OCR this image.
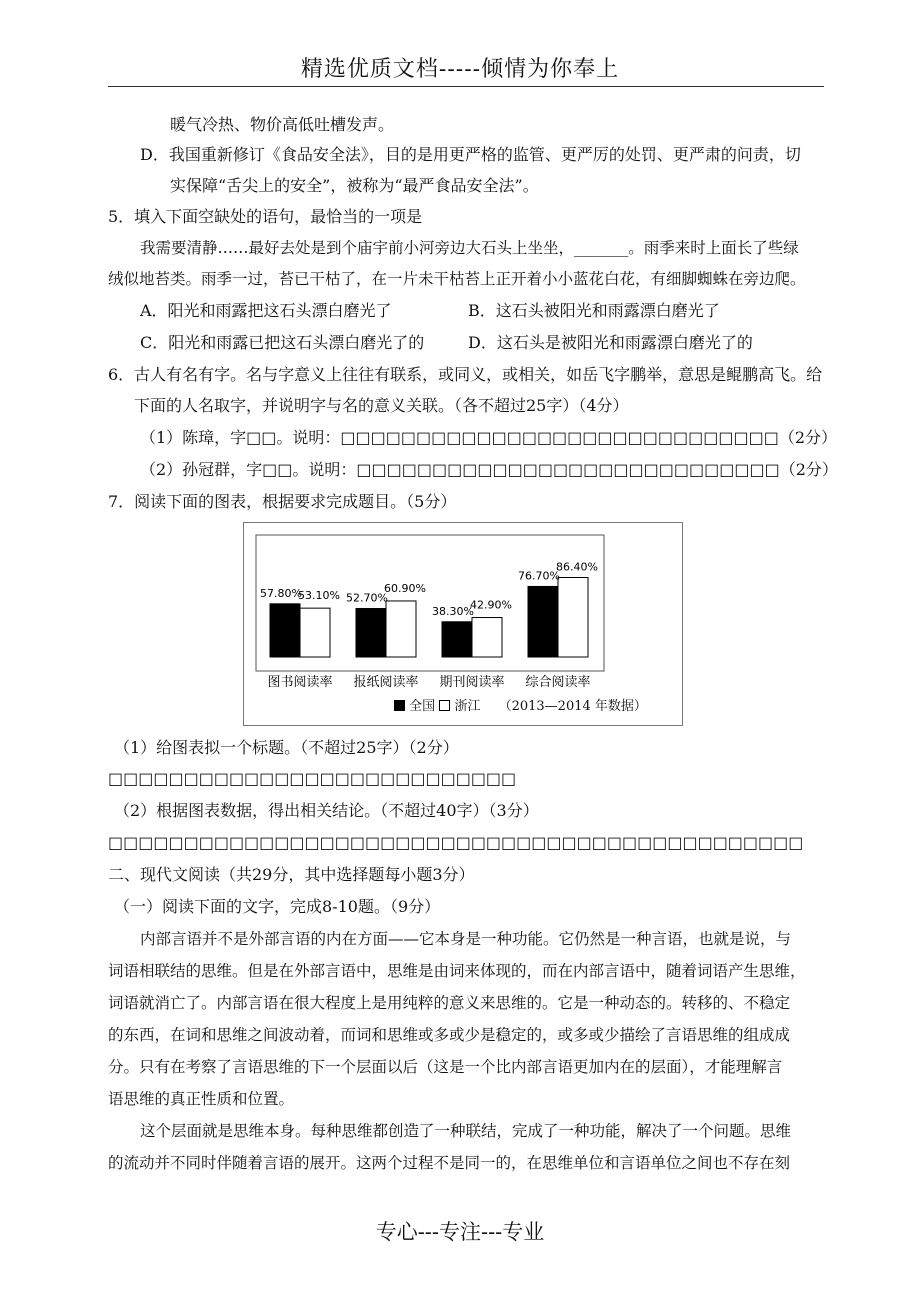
精选优质文档-----倾情为你奉上
暖气冷热、物价高低吐槽发声。
D．我国重新修订《食品安全法》，目的是用更严格的监管、更严厉的处罚、更严肃的问责，切
实保障“舌尖上的安全”，被称为“最严食品安全法”。
5．填入下面空缺处的语句，最恰当的一项是
我需要清静……最好去处是到个庙宇前小河旁边大石头上坐坐，_______。雨季来时上面长了些绿
绒似地苔类。雨季一过，苔已干枯了，在一片未干枯苔上正开着小小蓝花白花，有细脚蜘蛛在旁边爬。
A．阳光和雨露把这石头漂白磨光了	B．这石头被阳光和雨露漂白磨光了
C．阳光和雨露已把这石头漂白磨光了的	D．这石头是被阳光和雨露漂白磨光了的
6．古人有名有字。名与字意义上往往有联系，或同义，或相关，如岳飞字鹏举，意思是鲲鹏高飞。给
下面的人名取字，并说明字与名的意义关联。（各不超过25字）（4分）
（1）陈璋，字□□。说明：□□□□□□□□□□□□□□□□□□□□□□□□□□□□□（2分）
（2）孙冠群，字□□。说明：□□□□□□□□□□□□□□□□□□□□□□□□□□□□（2分）
7．阅读下面的图表，根据要求完成题目。（5分）
57.80%
53.10% 52.70%
60.90%
38.30%
42.90%
76.70%
86.40%
图书阅读率 报纸阅读率 期刊阅读率 综合阅读率
全国 浙江 （2013—2014 年数据）
（1）给图表拟一个标题。（不超过25字）（2分）
□□□□□□□□□□□□□□□□□□□□□□□□□□□
（2）根据图表数据，得出相关结论。（不超过40字）（3分）
□□□□□□□□□□□□□□□□□□□□□□□□□□□□□□□□□□□□□□□□□□□□□□
二、现代文阅读（共29分，其中选择题每小题3分）
（一）阅读下面的文字，完成8-10题。（9分）
内部言语并不是外部言语的内在方面——它本身是一种功能。它仍然是一种言语，也就是说，与
词语相联结的思维。但是在外部言语中，思维是由词来体现的，而在内部言语中，随着词语产生思维，
词语就消亡了。内部言语在很大程度上是用纯粹的意义来思维的。它是一种动态的。转移的、不稳定
的东西，在词和思维之间波动着，而词和思维或多或少是稳定的，或多或少描绘了言语思维的组成成
分。只有在考察了言语思维的下一个层面以后（这是一个比内部言语更加内在的层面），才能理解言
语思维的真正性质和位置。
这个层面就是思维本身。每种思维都创造了一种联结，完成了一种功能，解决了一个问题。思维
的流动并不同时伴随着言语的展开。这两个过程不是同一的，在思维单位和言语单位之间也不存在刻
专心---专注---专业
